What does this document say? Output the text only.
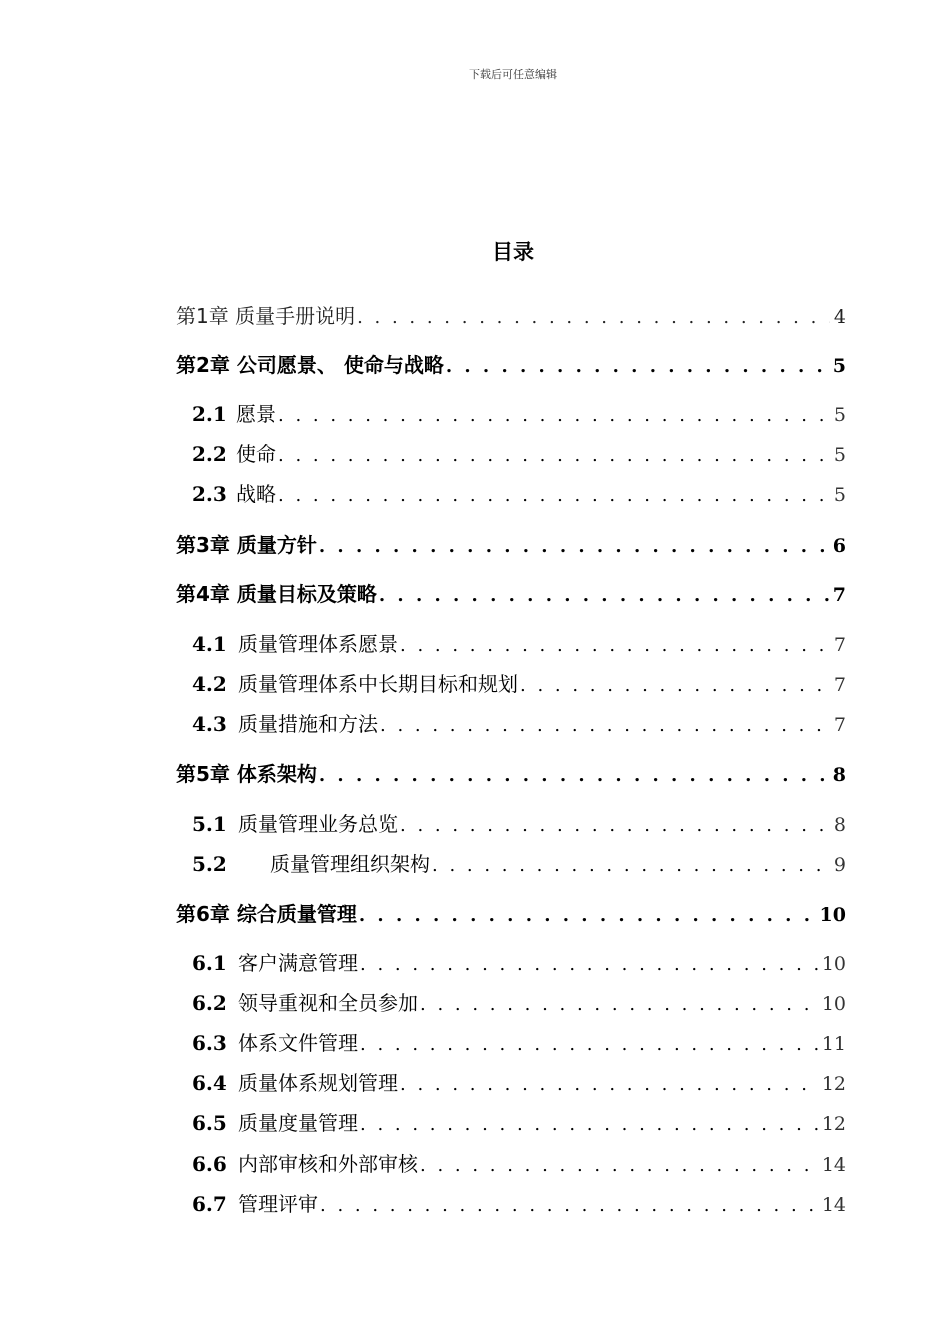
下载后可任意编辑
目录
第1章 质量手册说明 . . .	4
第2章 公司愿景、 使命与战略 . . .	5
2.1 愿景 . . .	5
2.2 使命 . . .	5
2.3 战略 . . .	5
第3章 质量方针 . . .	6
第4章 质量目标及策略 . . .	7
4.1 质量管理体系愿景 . . .	7
4.2 质量管理体系中长期目标和规划 . . .	7
4.3 质量措施和方法 . . .	7
第5章 体系架构 . . .	8
5.1 质量管理业务总览 . . .	8
5.2 质量管理组织架构 . . .	9
第6章 综合质量管理 . . .	10
6.1 客户满意管理 . . .	10
6.2 领导重视和全员参加 . . .	10
6.3 体系文件管理 . . .	11
6.4 质量体系规划管理 . . .	12
6.5 质量度量管理 . . .	12
6.6 内部审核和外部审核 . . .	14
6.7 管理评审 . . .	14
